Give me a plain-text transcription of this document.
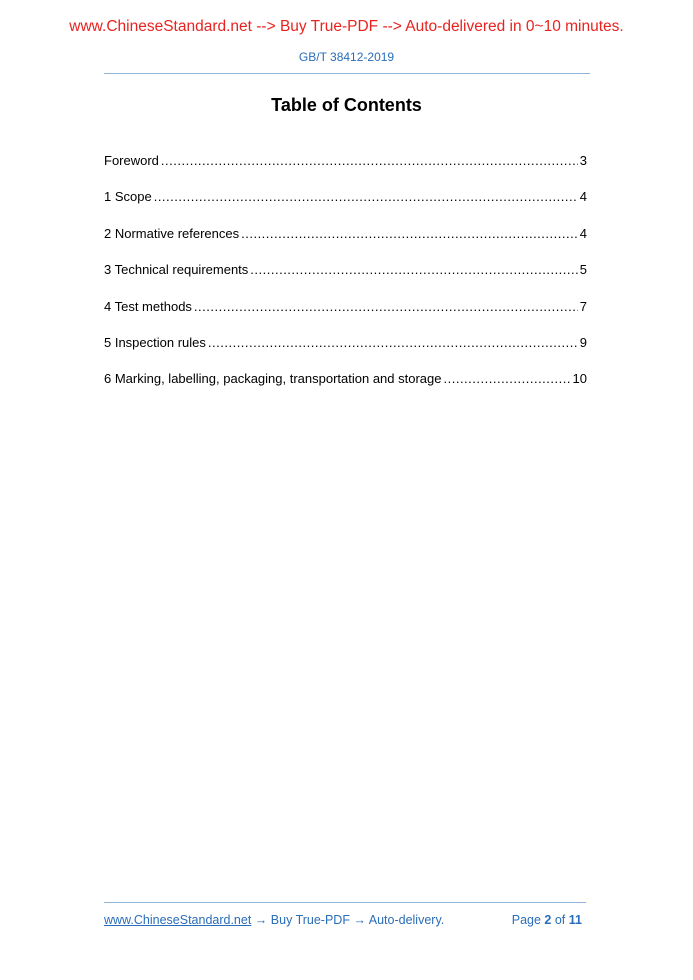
www.ChineseStandard.net --> Buy True-PDF --> Auto-delivered in 0~10 minutes.
GB/T 38412-2019
Table of Contents
Foreword .....	3
1 Scope .....	4
2 Normative references .....	4
3 Technical requirements .....	5
4 Test methods .....	7
5 Inspection rules .....	9
6 Marking, labelling, packaging, transportation and storage .....	10
www.ChineseStandard.net → Buy True-PDF → Auto-delivery.	Page 2 of 11
